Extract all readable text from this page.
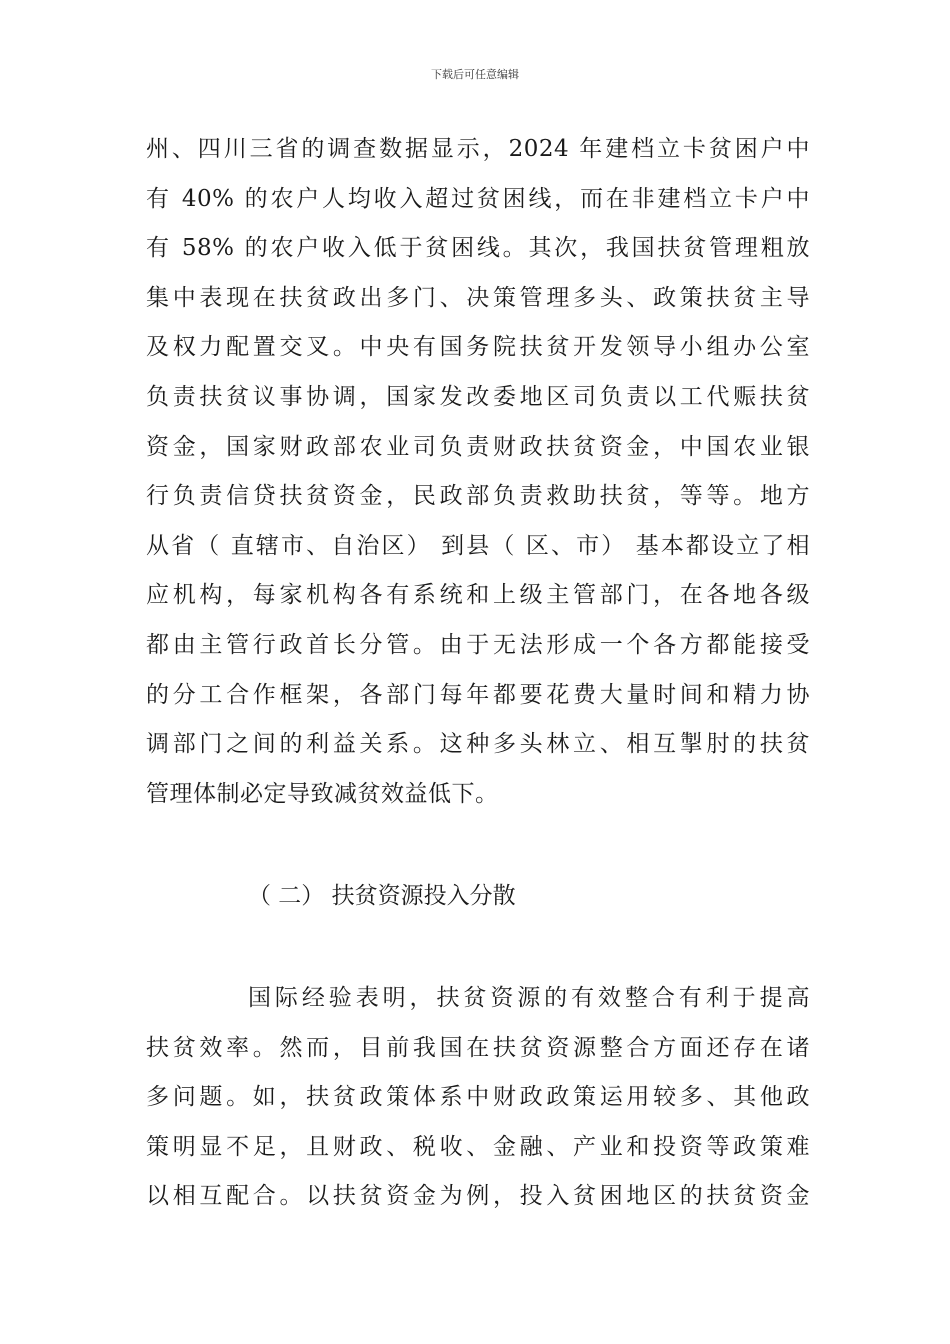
下载后可任意编辑
州、四川三省的调查数据显示，2024 年建档立卡贫困户中
有 40% 的农户人均收入超过贫困线，而在非建档立卡户中
有 58% 的农户收入低于贫困线。其次，我国扶贫管理粗放
集中表现在扶贫政出多门、决策管理多头、政策扶贫主导
及权力配置交叉。中央有国务院扶贫开发领导小组办公室
负责扶贫议事协调，国家发改委地区司负责以工代赈扶贫
资金，国家财政部农业司负责财政扶贫资金，中国农业银
行负责信贷扶贫资金，民政部负责救助扶贫，等等。地方
从省（ 直辖市、自治区） 到县（ 区、市） 基本都设立了相
应机构，每家机构各有系统和上级主管部门，在各地各级
都由主管行政首长分管。由于无法形成一个各方都能接受
的分工合作框架，各部门每年都要花费大量时间和精力协
调部门之间的利益关系。这种多头林立、相互掣肘的扶贫
管理体制必定导致减贫效益低下。
（ 二） 扶贫资源投入分散
国际经验表明，扶贫资源的有效整合有利于提高
扶贫效率。然而，目前我国在扶贫资源整合方面还存在诸
多问题。如，扶贫政策体系中财政政策运用较多、其他政
策明显不足，且财政、税收、金融、产业和投资等政策难
以相互配合。以扶贫资金为例，投入贫困地区的扶贫资金
